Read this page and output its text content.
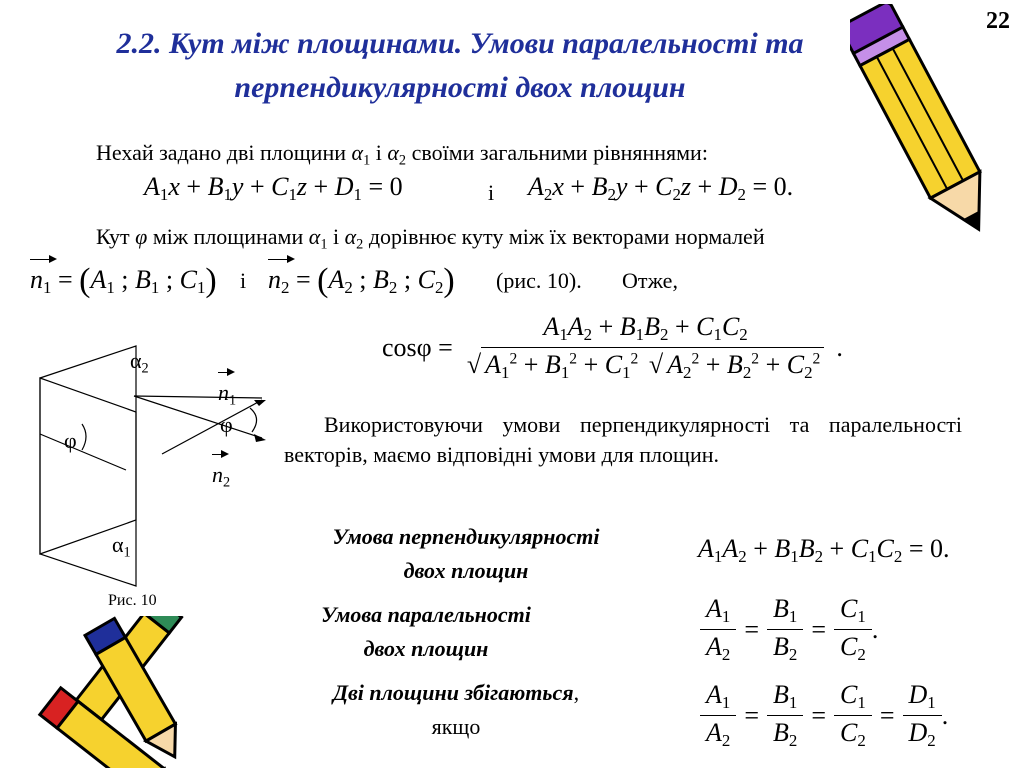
22
2.2. Кут між площинами. Умови паралельності та
перпендикулярності двох площин
Нехай задано дві площини $\alpha_1$ і $\alpha_2$ своїми загальними рівняннями:
$A_1x + B_1y + C_1z + D_1 = 0$	і $A_2x + B_2y + C_2z + D_2 = 0$.
Кут φ між площинами $\alpha_1$ і $\alpha_2$ дорівнює куту між їх векторами нормалей
$n_1 = (A_1$ ; $B_1$ ; $C_1$) і $n_2 = (A_2$ ; $B_2$ ; $C_2$) (рис. 10). Отже,
$\cos\varphi = \frac{A_1A_2 + B_1B_2 + C_1C_2}{√ A_1^2 + B_1^2 + C_1^2 √ A_2^2 + B_2^2 + C_2^2}$ .
$\alpha_2$
$\alpha_1$
φ
φ
$n_1$
$n_2$
Рис. 10
Використовуючи умови перпендикулярності та паралельності векторів, маємо відповідні умови для площин.
Умова перпендикулярності
двох площин
$A_1A_2 + B_1B_2 + C_1C_2 = 0$.
Умова паралельності
двох площин	$\frac{A_1}{A_2} = \frac{B_1}{B_2} = \frac{C_1}{C_2}$ .
Дві площини збігаються,
якщо	$\frac{A_1}{A_2} = \frac{B_1}{B_2} = \frac{C_1}{C_2} = \frac{D_1}{D_2}$ .
